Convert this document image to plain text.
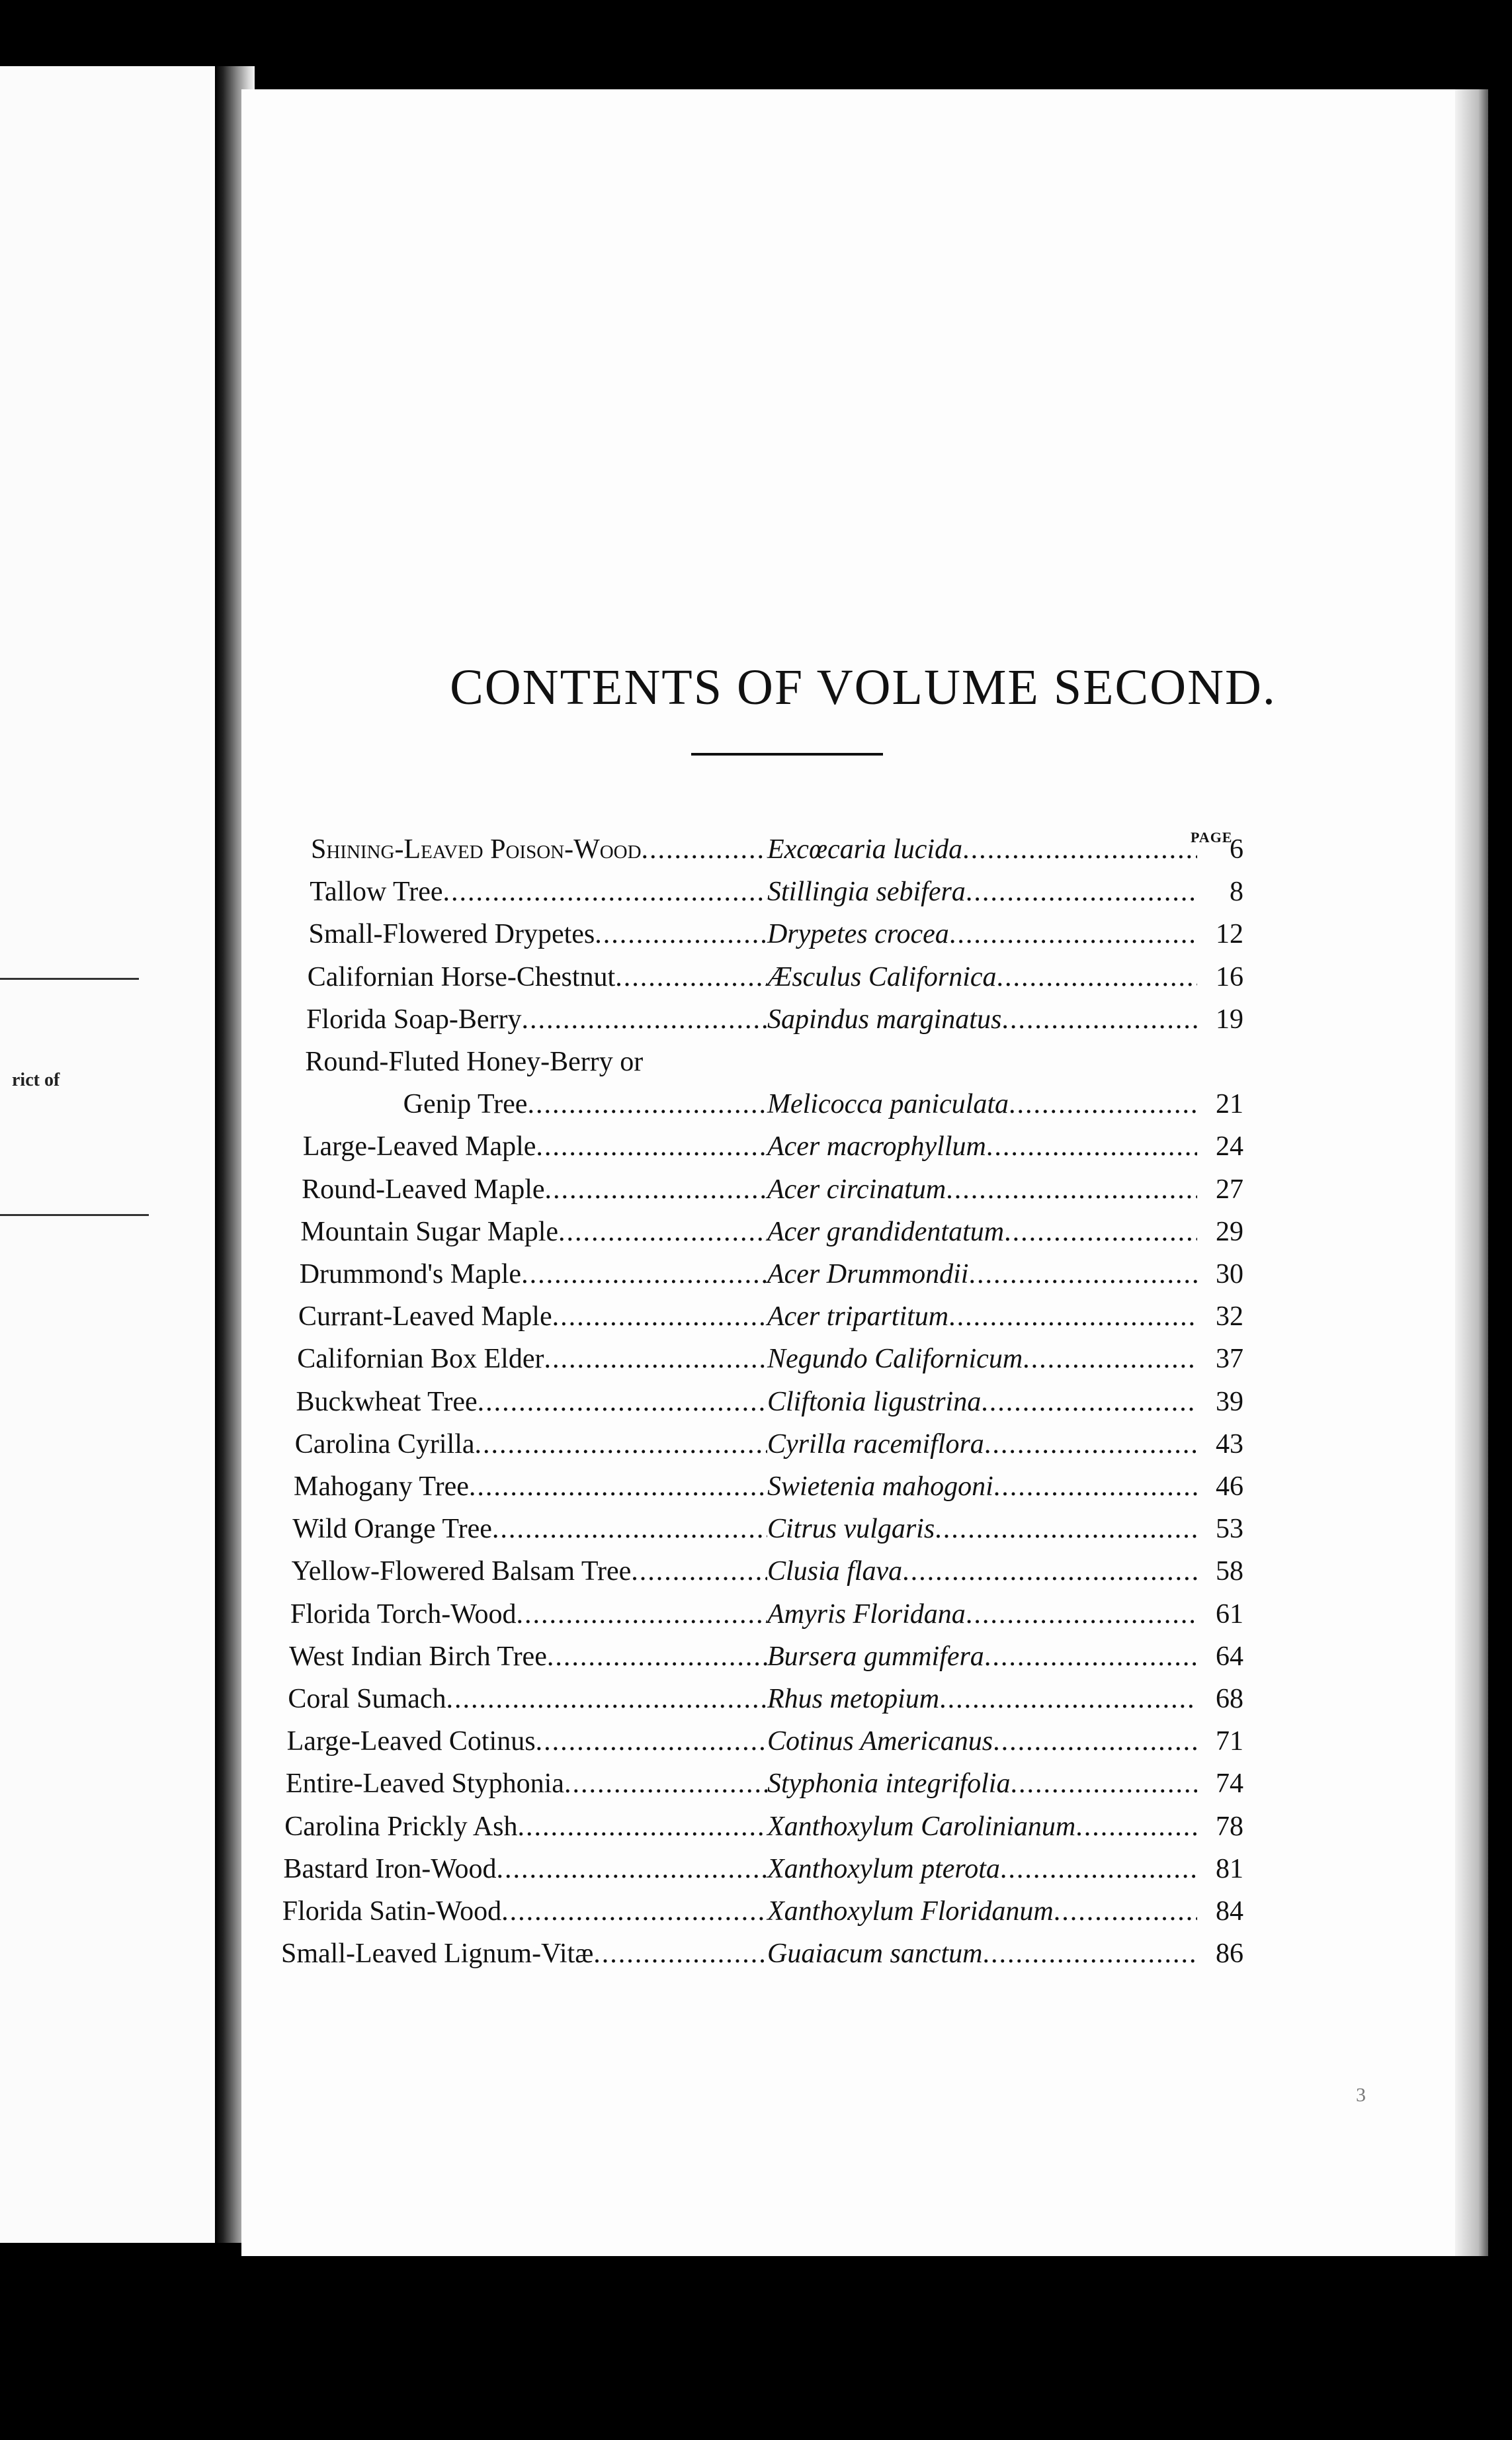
rict of
CONTENTS OF VOLUME SECOND.
PAGE
Shining-Leaved Poison-Wood .....	Excœcaria lucida .....	6
Tallow Tree .....	Stillingia sebifera .....	8
Small-Flowered Drypetes .....	Drypetes crocea .....	12
Californian Horse-Chestnut .....	Æsculus Californica .....	16
Florida Soap-Berry .....	Sapindus marginatus .....	19
Round-Fluted Honey-Berry or
Genip Tree .....	Melicocca paniculata .....	21
Large-Leaved Maple .....	Acer macrophyllum .....	24
Round-Leaved Maple .....	Acer circinatum .....	27
Mountain Sugar Maple .....	Acer grandidentatum .....	29
Drummond's Maple .....	Acer Drummondii .....	30
Currant-Leaved Maple .....	Acer tripartitum .....	32
Californian Box Elder .....	Negundo Californicum .....	37
Buckwheat Tree .....	Cliftonia ligustrina .....	39
Carolina Cyrilla .....	Cyrilla racemiflora .....	43
Mahogany Tree .....	Swietenia mahogoni .....	46
Wild Orange Tree .....	Citrus vulgaris .....	53
Yellow-Flowered Balsam Tree .....	Clusia flava .....	58
Florida Torch-Wood .....	Amyris Floridana .....	61
West Indian Birch Tree .....	Bursera gummifera .....	64
Coral Sumach .....	Rhus metopium .....	68
Large-Leaved Cotinus .....	Cotinus Americanus .....	71
Entire-Leaved Styphonia .....	Styphonia integrifolia .....	74
Carolina Prickly Ash .....	Xanthoxylum Carolinianum .....	78
Bastard Iron-Wood .....	Xanthoxylum pterota .....	81
Florida Satin-Wood .....	Xanthoxylum Floridanum .....	84
Small-Leaved Lignum-Vitæ .....	Guaiacum sanctum .....	86
3
